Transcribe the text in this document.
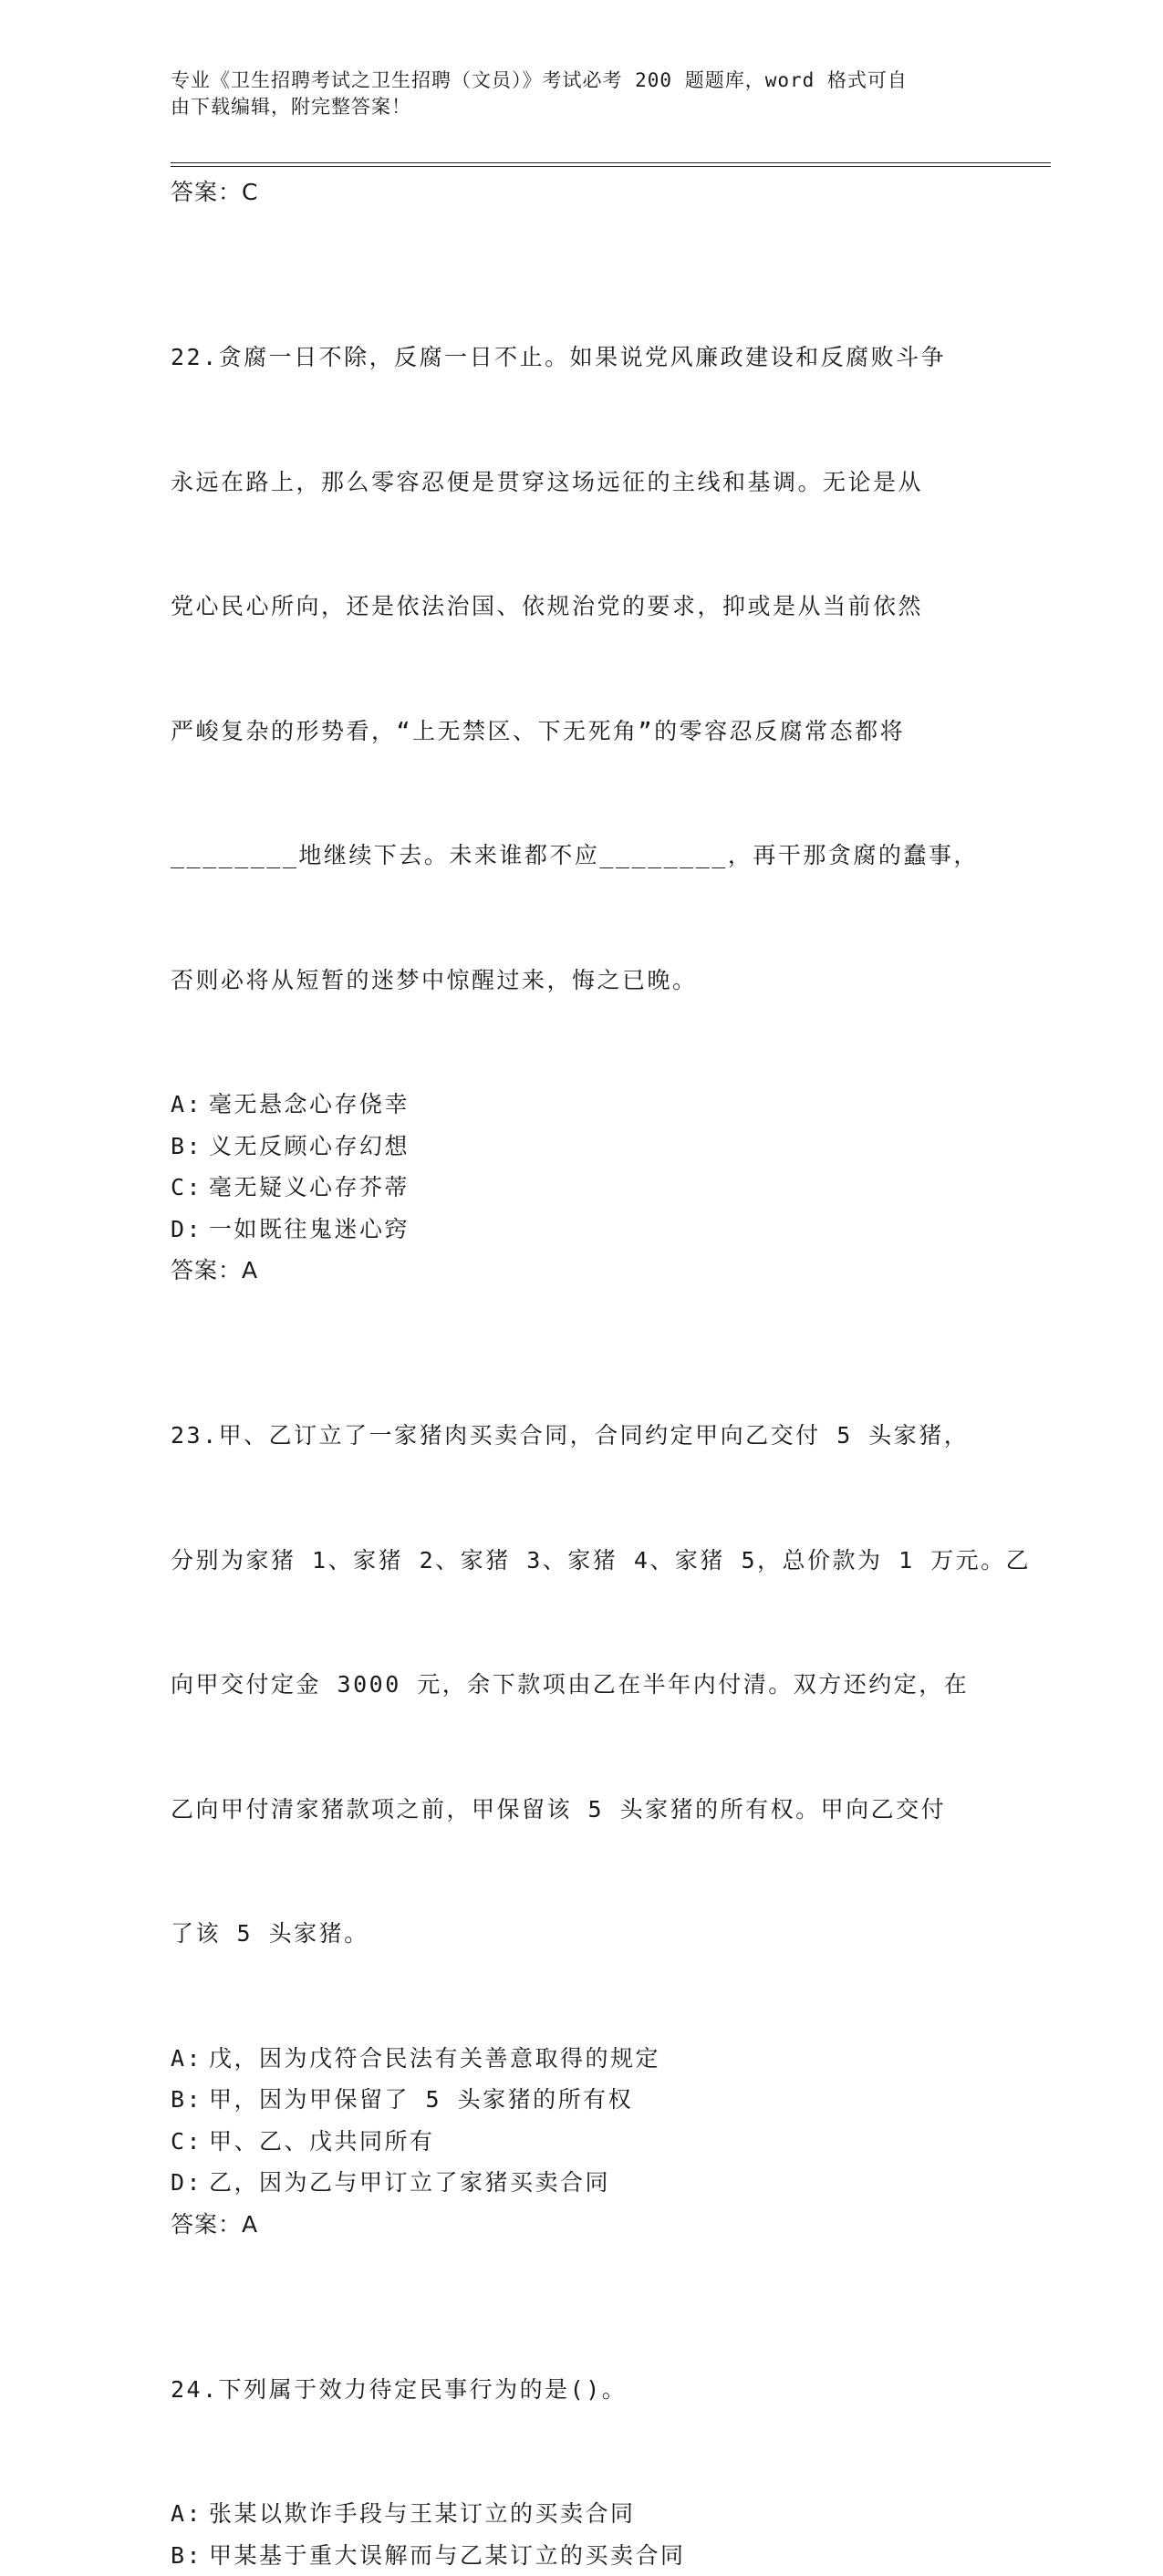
专业《卫生招聘考试之卫生招聘（文员）》考试必考 200 题题库，word 格式可自
由下载编辑，附完整答案！
答案：C

22.贪腐一日不除，反腐一日不止。如果说党风廉政建设和反腐败斗争

永远在路上，那么零容忍便是贯穿这场远征的主线和基调。无论是从

党心民心所向，还是依法治国、依规治党的要求，抑或是从当前依然

严峻复杂的形势看，“上无禁区、下无死角”的零容忍反腐常态都将

________地继续下去。未来谁都不应________，再干那贪腐的蠢事，

否则必将从短暂的迷梦中惊醒过来，悔之已晚。

A: 毫无悬念心存侥幸
B: 义无反顾心存幻想
C: 毫无疑义心存芥蒂
D: 一如既往鬼迷心窍
答案：A

23.甲、乙订立了一家猪肉买卖合同，合同约定甲向乙交付 5 头家猪，

分别为家猪 1、家猪 2、家猪 3、家猪 4、家猪 5，总价款为 1 万元。乙

向甲交付定金 3000 元，余下款项由乙在半年内付清。双方还约定，在

乙向甲付清家猪款项之前，甲保留该 5 头家猪的所有权。甲向乙交付

了该 5 头家猪。

A: 戊，因为戊符合民法有关善意取得的规定
B: 甲，因为甲保留了 5 头家猪的所有权
C: 甲、乙、戊共同所有
D: 乙，因为乙与甲订立了家猪买卖合同
答案：A

24.下列属于效力待定民事行为的是()。

A: 张某以欺诈手段与王某订立的买卖合同
B: 甲某基于重大误解而与乙某订立的买卖合同
